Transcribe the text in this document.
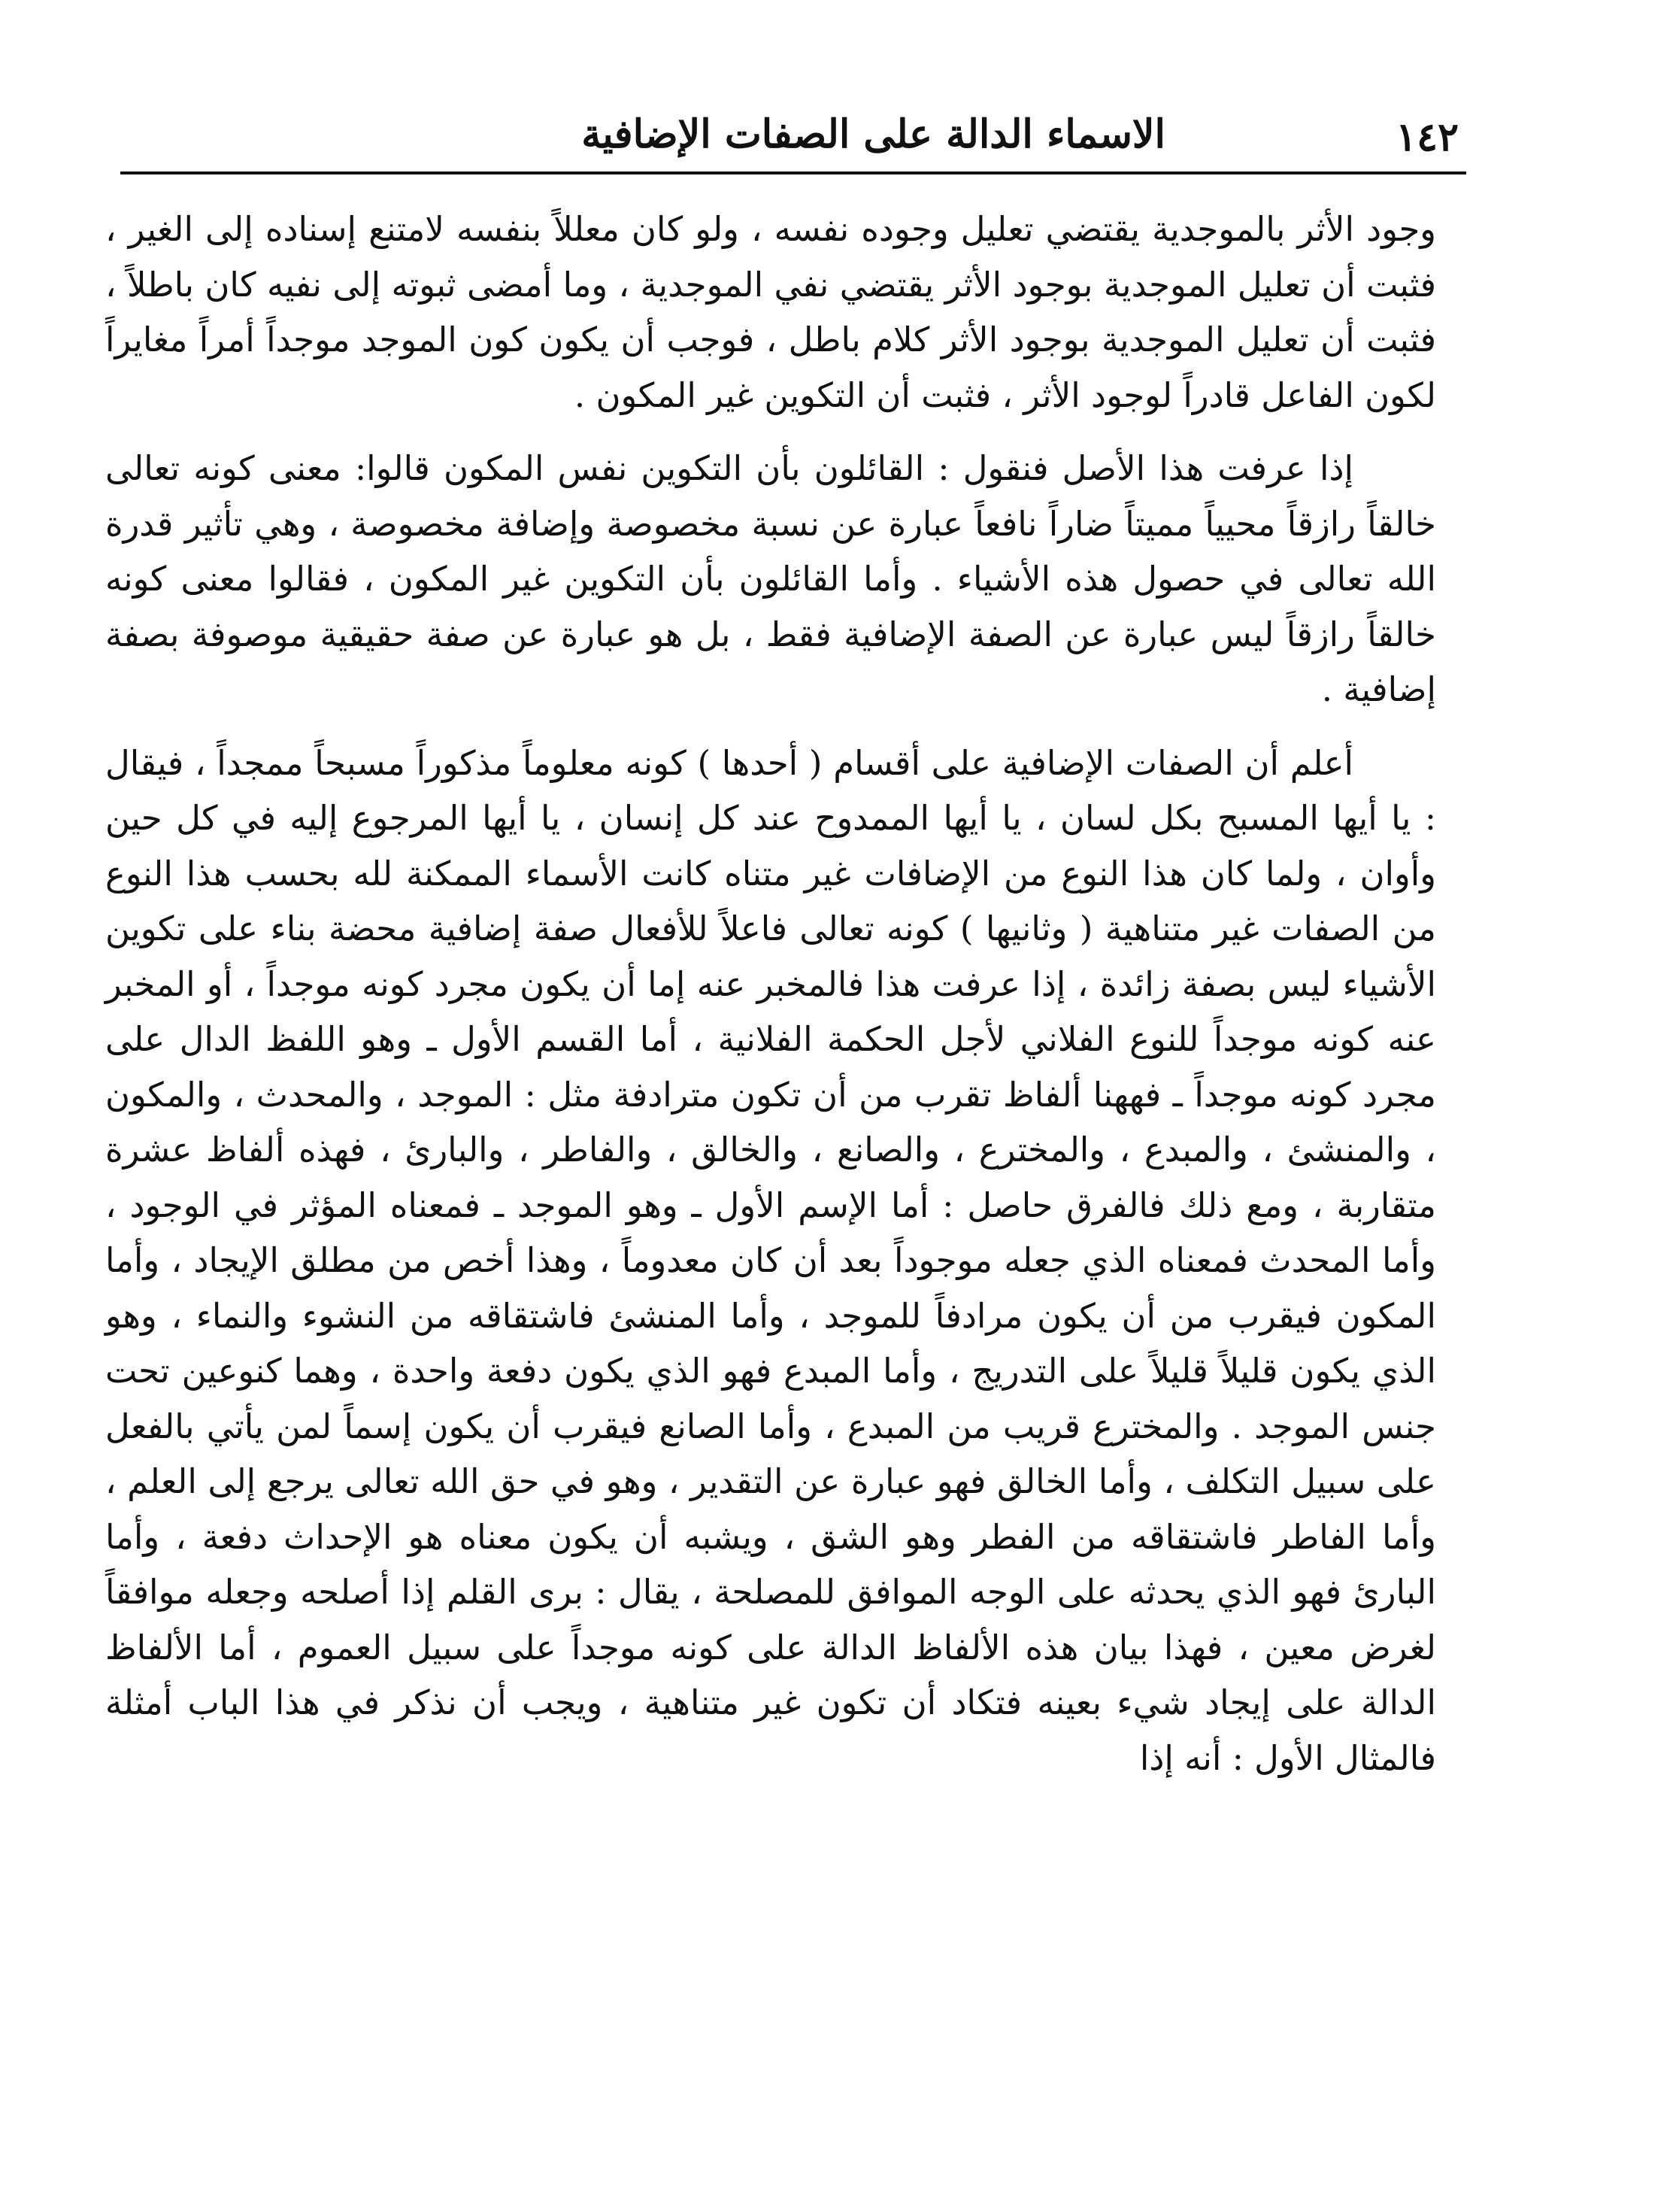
الاسماء الدالة على الصفات الإضافية	١٤٢

وجود الأثر بالموجدية يقتضي تعليل وجوده نفسه ، ولو كان معللاً بنفسه لامتنع إسناده إلى الغير ، فثبت أن تعليل الموجدية بوجود الأثر يقتضي نفي الموجدية ، وما أمضى ثبوته إلى نفيه كان باطلاً ، فثبت أن تعليل الموجدية بوجود الأثر كلام باطل ، فوجب أن يكون كون الموجد موجداً أمراً مغايراً لكون الفاعل قادراً لوجود الأثر ، فثبت أن التكوين غير المكون .

إذا عرفت هذا الأصل فنقول : القائلون بأن التكوين نفس المكون قالوا: معنى كونه تعالى خالقاً رازقاً محيياً مميتاً ضاراً نافعاً عبارة عن نسبة مخصوصة وإضافة مخصوصة ، وهي تأثير قدرة الله تعالى في حصول هذه الأشياء . وأما القائلون بأن التكوين غير المكون ، فقالوا معنى كونه خالقاً رازقاً ليس عبارة عن الصفة الإضافية فقط ، بل هو عبارة عن صفة حقيقية موصوفة بصفة إضافية .

أعلم أن الصفات الإضافية على أقسام ( أحدها ) كونه معلوماً مذكوراً مسبحاً ممجداً ، فيقال : يا أيها المسبح بكل لسان ، يا أيها الممدوح عند كل إنسان ، يا أيها المرجوع إليه في كل حين وأوان ، ولما كان هذا النوع من الإضافات غير متناه كانت الأسماء الممكنة لله بحسب هذا النوع من الصفات غير متناهية ( وثانيها ) كونه تعالى فاعلاً للأفعال صفة إضافية محضة بناء على تكوين الأشياء ليس بصفة زائدة ، إذا عرفت هذا فالمخبر عنه إما أن يكون مجرد كونه موجداً ، أو المخبر عنه كونه موجداً للنوع الفلاني لأجل الحكمة الفلانية ، أما القسم الأول ـ وهو اللفظ الدال على مجرد كونه موجداً ـ فههنا ألفاظ تقرب من أن تكون مترادفة مثل : الموجد ، والمحدث ، والمكون ، والمنشئ ، والمبدع ، والمخترع ، والصانع ، والخالق ، والفاطر ، والبارئ ، فهذه ألفاظ عشرة متقاربة ، ومع ذلك فالفرق حاصل : أما الإسم الأول ـ وهو الموجد ـ فمعناه المؤثر في الوجود ، وأما المحدث فمعناه الذي جعله موجوداً بعد أن كان معدوماً ، وهذا أخص من مطلق الإيجاد ، وأما المكون فيقرب من أن يكون مرادفاً للموجد ، وأما المنشئ فاشتقاقه من النشوء والنماء ، وهو الذي يكون قليلاً قليلاً على التدريج ، وأما المبدع فهو الذي يكون دفعة واحدة ، وهما كنوعين تحت جنس الموجد . والمخترع قريب من المبدع ، وأما الصانع فيقرب أن يكون إسماً لمن يأتي بالفعل على سبيل التكلف ، وأما الخالق فهو عبارة عن التقدير ، وهو في حق الله تعالى يرجع إلى العلم ، وأما الفاطر فاشتقاقه من الفطر وهو الشق ، ويشبه أن يكون معناه هو الإحداث دفعة ، وأما البارئ فهو الذي يحدثه على الوجه الموافق للمصلحة ، يقال : برى القلم إذا أصلحه وجعله موافقاً لغرض معين ، فهذا بيان هذه الألفاظ الدالة على كونه موجداً على سبيل العموم ، أما الألفاظ الدالة على إيجاد شيء بعينه فتكاد أن تكون غير متناهية ، ويجب أن نذكر في هذا الباب أمثلة فالمثال الأول : أنه إذا
